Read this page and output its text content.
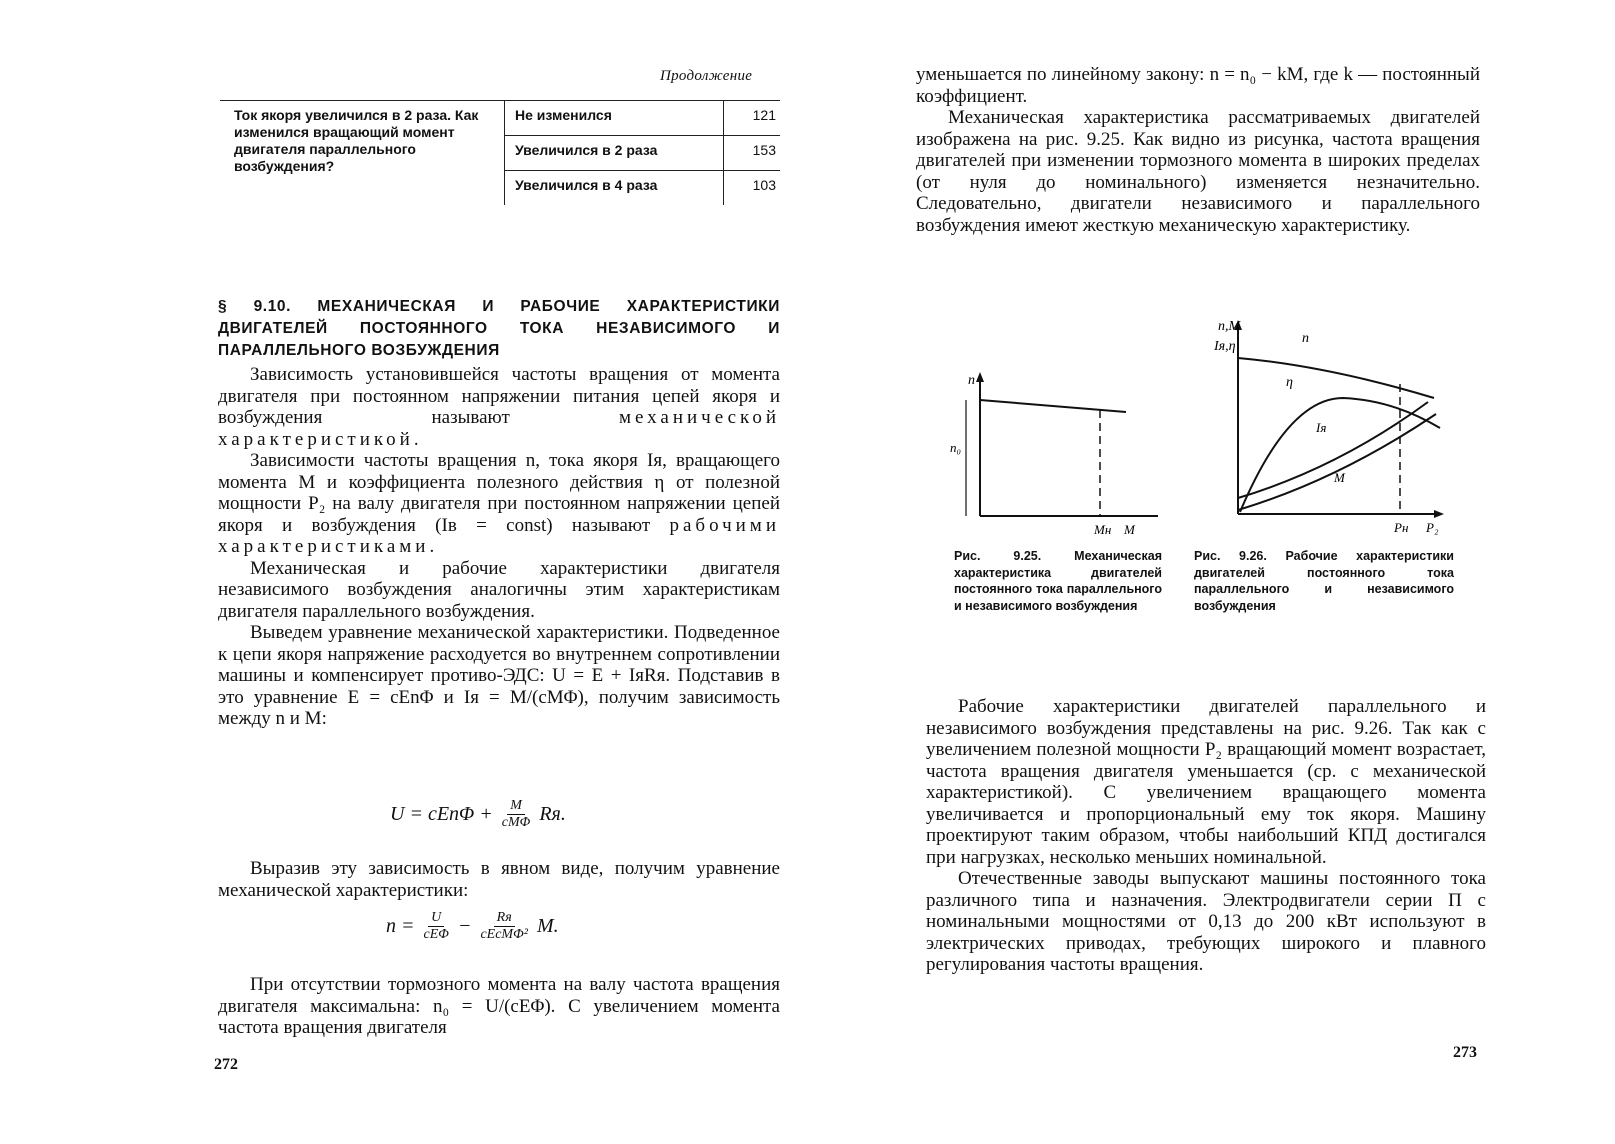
Продолжение
Ток якоря увеличился в 2 раза. Как изменился вращающий момент двигателя параллельного возбуждения?	Не изменился	121
	Увеличился в 2 раза	153
	Увеличился в 4 раза	103
§ 9.10. МЕХАНИЧЕСКАЯ И РАБОЧИЕ ХАРАКТЕРИСТИКИ ДВИГАТЕЛЕЙ ПОСТОЯННОГО ТОКА НЕЗАВИСИМОГО И ПАРАЛЛЕЛЬНОГО ВОЗБУЖДЕНИЯ

Зависимость установившейся частоты вращения от момента двигателя при постоянном напряжении питания цепей якоря и возбуждения называют механической характеристикой.

Зависимости частоты вращения n, тока якоря Iя, вращающего момента M и коэффициента полезного действия η от полезной мощности P₂ на валу двигателя при постоянном напряжении цепей якоря и возбуждения (Iв = const) называют рабочими характеристиками.

Механическая и рабочие характеристики двигателя независимого возбуждения аналогичны этим характеристикам двигателя параллельного возбуждения.

Выведем уравнение механической характеристики. Подведенное к цепи якоря напряжение расходуется во внутреннем сопротивлении машины и компенсирует противо-ЭДС: U = E + IяRя. Подставив в это уравнение E = cEnΦ и Iя = M/(cMΦ), получим зависимость между n и M:

$U = cEn\Phi + \frac{M}{\text{cMΦ}}$ Rя.

Выразив эту зависимость в явном виде, получим уравнение механической характеристики:

$n = \frac{U}{\text{cEΦ}} - \frac{Rя}{\text{cEcMΦ²}} M$.

При отсутствии тормозного момента на валу частота вращения двигателя максимальна: n₀ = U/(cEΦ). С увеличением момента частота вращения двигателя

272

уменьшается по линейному закону: n = n₀ − kM, где k — постоянный коэффициент.

Механическая характеристика рассматриваемых двигателей изображена на рис. 9.25. Как видно из рисунка, частота вращения двигателей при изменении тормозного момента в широких пределах (от нуля до номинального) изменяется незначительно. Следовательно, двигатели независимого и параллельного возбуждения имеют жесткую механическую характеристику.

n
n₀
Mн M
n,M
Iя,η
n
η
Iя
M
Pн P₂
Рис. 9.25. Механическая характеристика двигателей постоянного тока параллельного и независимого возбуждения
Рис. 9.26. Рабочие характеристики двигателей постоянного тока параллельного и независимого возбуждения

Рабочие характеристики двигателей параллельного и независимого возбуждения представлены на рис. 9.26. Так как с увеличением полезной мощности P₂ вращающий момент возрастает, частота вращения двигателя уменьшается (ср. с механической характеристикой). С увеличением вращающего момента увеличивается и пропорциональный ему ток якоря. Машину проектируют таким образом, чтобы наибольший КПД достигался при нагрузках, несколько меньших номинальной.

Отечественные заводы выпускают машины постоянного тока различного типа и назначения. Электродвигатели серии П с номинальными мощностями от 0,13 до 200 кВт используют в электрических приводах, требующих широкого и плавного регулирования частоты вращения.

273
